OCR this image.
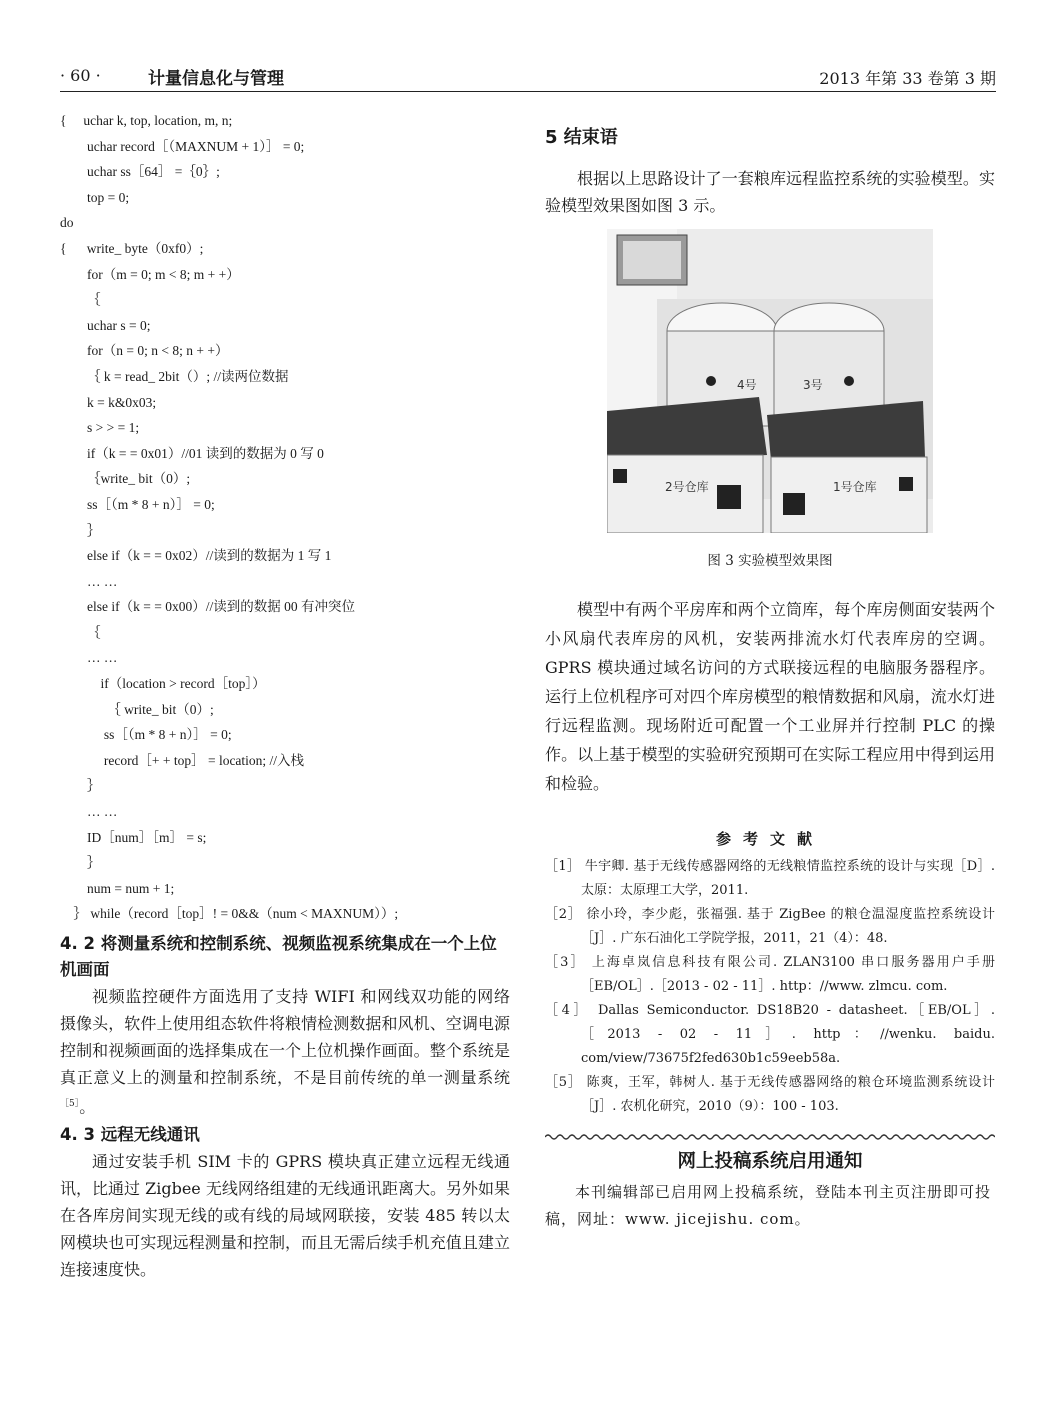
· 60 ·	计量信息化与管理	2013 年第 33 卷第 3 期
{     uchar k, top, location, m, n;
uchar record［（MAXNUM + 1）］ = 0;
uchar ss［64］ =｛0｝;
top = 0;
do
{      write_ byte（0xf0）;
for（m = 0; m < 8; m + +）
｛
uchar s = 0;
for（n = 0; n < 8; n + +）
｛ k = read_ 2bit（）; //读两位数据
k = k&0x03;
s > > = 1;
if（k = = 0x01）//01 读到的数据为 0 写 0
｛write_ bit（0）;
ss［（m * 8 + n）］ = 0;
｝
else if（k = = 0x02）//读到的数据为 1 写 1
… …
else if（k = = 0x00）//读到的数据 00 有冲突位
｛
… …
if（location > record［top］）
｛ write_ bit（0）;
ss［（m * 8 + n）］ = 0;
record［+ + top］ = location; //入栈
｝
… …
ID［num］［m］ = s;
｝
num = num + 1;
｝ while（record［top］! = 0&&（num < MAXNUM））;
4. 2 将测量系统和控制系统、视频监视系统集成在一个上位机画面
视频监控硬件方面选用了支持 WIFI 和网线双功能的网络摄像头，软件上使用组态软件将粮情检测数据和风机、空调电源控制和视频画面的选择集成在一个上位机操作画面。整个系统是真正意义上的测量和控制系统，不是目前传统的单一测量系统$^{[5]}$。
4. 3 远程无线通讯
通过安装手机 SIM 卡的 GPRS 模块真正建立远程无线通讯，比通过 Zigbee 无线网络组建的无线通讯距离大。另外如果在各库房间实现无线的或有线的局域网联接，安装 485 转以太网模块也可实现远程测量和控制，而且无需后续手机充值且建立连接速度快。
5 结束语
根据以上思路设计了一套粮库远程监控系统的实验模型。实验模型效果图如图 3 示。
4号	3号
2号仓库	1号仓库
图 3 实验模型效果图
模型中有两个平房库和两个立筒库，每个库房侧面安装两个小风扇代表库房的风机，安装两排流水灯代表库房的空调。GPRS 模块通过域名访问的方式联接远程的电脑服务器程序。运行上位机程序可对四个库房模型的粮情数据和风扇，流水灯进行远程监测。现场附近可配置一个工业屏并行控制 PLC 的操作。以上基于模型的实验研究预期可在实际工程应用中得到运用和检验。
参考文献
［1］ 牛宇卿. 基于无线传感器网络的无线粮情监控系统的设计与实现［D］. 太原：太原理工大学，2011.
［2］ 徐小玲，李少彪，张福强. 基于 ZigBee 的粮仓温湿度监控系统设计［J］. 广东石油化工学院学报，2011，21（4）：48.
［3］ 上海卓岚信息科技有限公司. ZLAN3100 串口服务器用户手册［EB/OL］.［2013 - 02 - 11］. http：//www. zlmcu. com.
［4］ Dallas Semiconductor. DS18B20 - datasheet.［EB/OL］.［2013 - 02 - 11］. http：//wenku. baidu. com/view/73675f2fed630b1c59eeb58a.
［5］ 陈爽，王军，韩树人. 基于无线传感器网络的粮仓环境监测系统设计［J］. 农机化研究，2010（9）：100 - 103.
网上投稿系统启用通知
本刊编辑部已启用网上投稿系统，登陆本刊主页注册即可投稿，网址：www. jicejishu. com。
